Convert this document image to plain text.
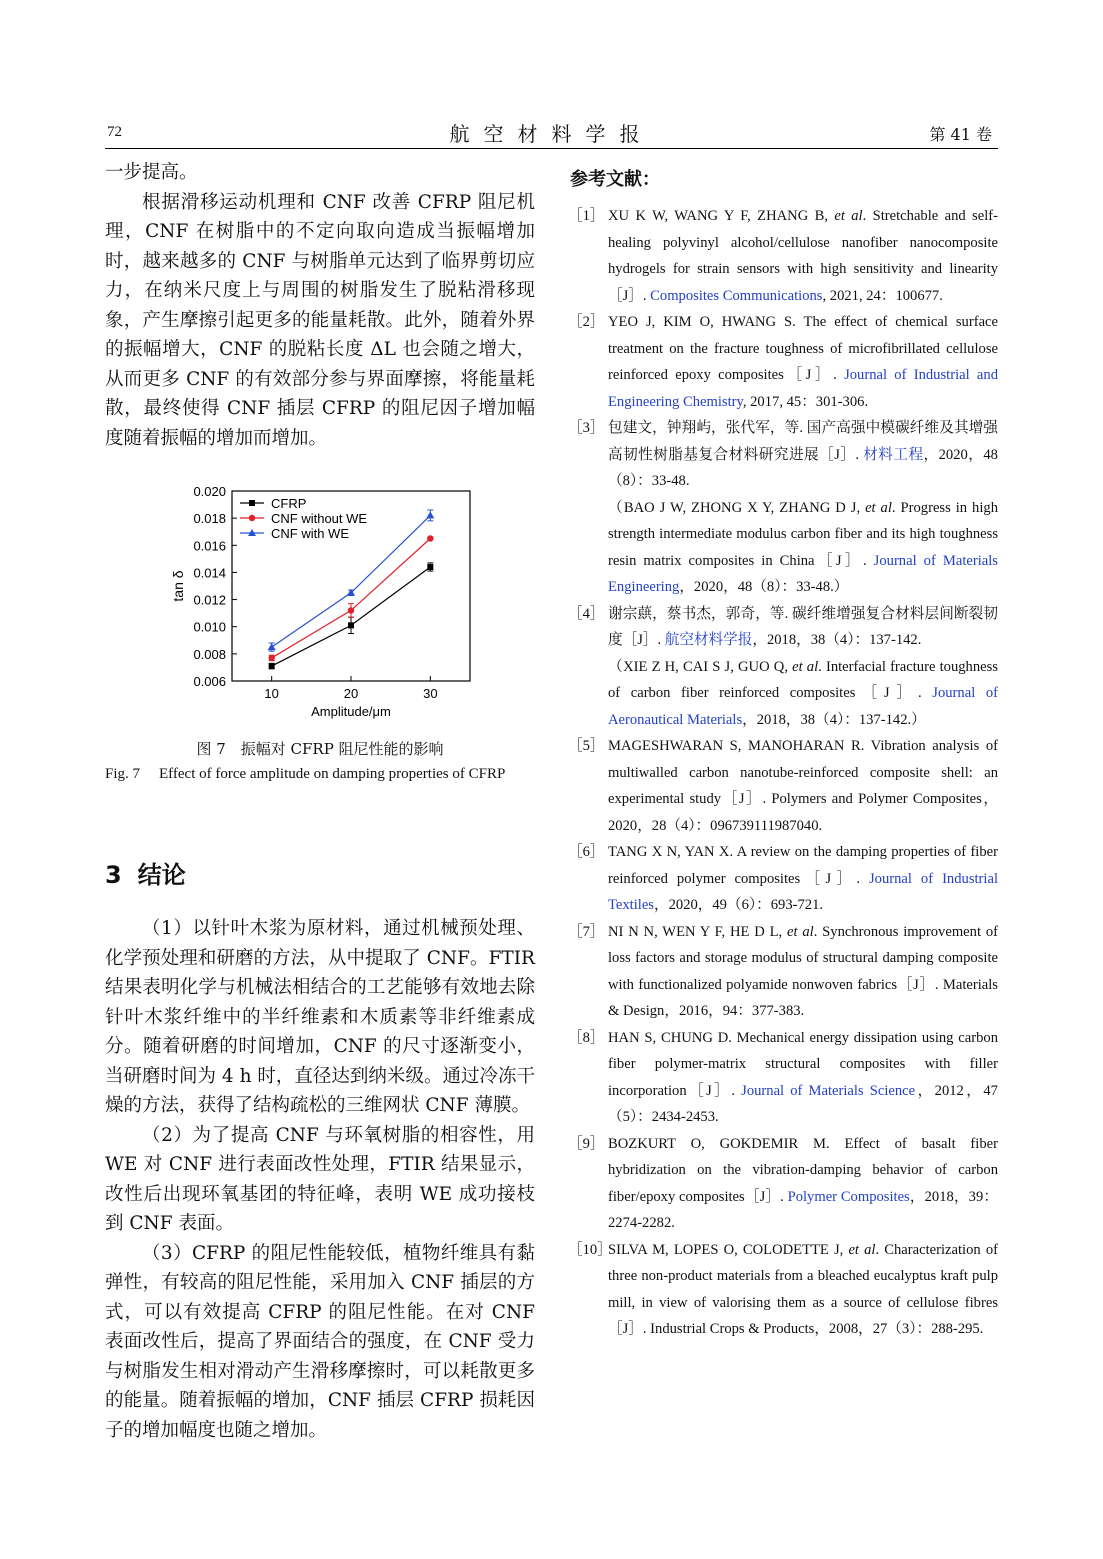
72	航空材料学报	第 41 卷

一步提高。

根据滑移运动机理和 CNF 改善 CFRP 阻尼机理，CNF 在树脂中的不定向取向造成当振幅增加时，越来越多的 CNF 与树脂单元达到了临界剪切应力，在纳米尺度上与周围的树脂发生了脱粘滑移现象，产生摩擦引起更多的能量耗散。此外，随着外界的振幅增大，CNF 的脱粘长度 ΔL 也会随之增大，从而更多 CNF 的有效部分参与界面摩擦，将能量耗散，最终使得 CNF 插层 CFRP 的阻尼因子增加幅度随着振幅的增加而增加。

0.006
0.008
0.010
0.012
0.014
0.016
0.018
0.020
10	20	30
Amplitude/μm
tan δ
CFRP
CNF without WE
CNF with WE
图 7　振幅对 CFRP 阻尼性能的影响
Fig. 7 Effect of force amplitude on damping properties of CFRP
3 结论

（1）以针叶木浆为原材料，通过机械预处理、化学预处理和研磨的方法，从中提取了 CNF。FTIR 结果表明化学与机械法相结合的工艺能够有效地去除针叶木浆纤维中的半纤维素和木质素等非纤维素成分。随着研磨的时间增加，CNF 的尺寸逐渐变小，当研磨时间为 4 h 时，直径达到纳米级。通过冷冻干燥的方法，获得了结构疏松的三维网状 CNF 薄膜。

（2）为了提高 CNF 与环氧树脂的相容性，用 WE 对 CNF 进行表面改性处理，FTIR 结果显示，改性后出现环氧基团的特征峰，表明 WE 成功接枝到 CNF 表面。

（3）CFRP 的阻尼性能较低，植物纤维具有黏弹性，有较高的阻尼性能，采用加入 CNF 插层的方式，可以有效提高 CFRP 的阻尼性能。在对 CNF 表面改性后，提高了界面结合的强度，在 CNF 受力与树脂发生相对滑动产生滑移摩擦时，可以耗散更多的能量。随着振幅的增加，CNF 插层 CFRP 损耗因子的增加幅度也随之增加。

参考文献：

［1］ XU K W, WANG Y F, ZHANG B, et al. Stretchable and self-healing polyvinyl alcohol/cellulose nanofiber nanocomposite hydrogels for strain sensors with high sensitivity and linearity［J］. Composites Communications, 2021, 24：100677.

［2］ YEO J, KIM O, HWANG S. The effect of chemical surface treatment on the fracture toughness of microfibrillated cellulose reinforced epoxy composites［J］. Journal of Industrial and Engineering Chemistry, 2017, 45：301-306.

［3］ 包建文，钟翔屿，张代军，等. 国产高强中模碳纤维及其增强高韧性树脂基复合材料研究进展［J］. 材料工程，2020，48（8）：33-48.
（BAO J W, ZHONG X Y, ZHANG D J, et al. Progress in high strength intermediate modulus carbon fiber and its high toughness resin matrix composites in China［J］. Journal of Materials Engineering，2020，48（8）：33-48.）

［4］ 谢宗蕻，蔡书杰，郭奇，等. 碳纤维增强复合材料层间断裂韧度［J］. 航空材料学报，2018，38（4）：137-142.
（XIE Z H, CAI S J, GUO Q, et al. Interfacial fracture toughness of carbon fiber reinforced composites［J］. Journal of Aeronautical Materials，2018，38（4）：137-142.）

［5］ MAGESHWARAN S, MANOHARAN R. Vibration analysis of multiwalled carbon nanotube-reinforced composite shell: an experimental study［J］. Polymers and Polymer Composites，2020，28（4）：096739111987040.

［6］ TANG X N, YAN X. A review on the damping properties of fiber reinforced polymer composites［J］. Journal of Industrial Textiles，2020，49（6）：693-721.

［7］ NI N N, WEN Y F, HE D L, et al. Synchronous improvement of loss factors and storage modulus of structural damping composite with functionalized polyamide nonwoven fabrics［J］. Materials & Design，2016，94：377-383.

［8］ HAN S, CHUNG D. Mechanical energy dissipation using carbon fiber polymer-matrix structural composites with filler incorporation［J］. Journal of Materials Science，2012，47（5）：2434-2453.

［9］ BOZKURT O, GOKDEMIR M. Effect of basalt fiber hybridization on the vibration-damping behavior of carbon fiber/epoxy composites［J］. Polymer Composites，2018，39：2274-2282.

［10］
SILVA M, LOPES O, COLODETTE J, et al. Characterization of three non-product materials from a bleached eucalyptus kraft pulp mill, in view of valorising them as a source of cellulose fibres［J］. Industrial Crops & Products，2008，27（3）：288-295.
